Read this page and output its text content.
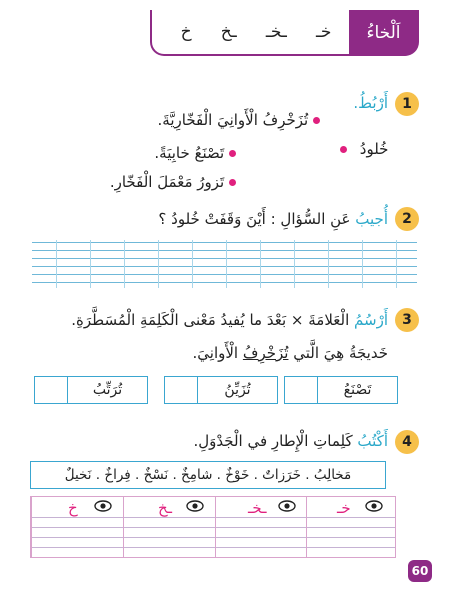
خـ
ـخـ
ـخ
خ	اَلْخاءُ
1
أَرْبُطُ.
تُزَخْرِفُ الْأَوانِيَ الْفَخّارِيَّةَ.
خُلودُ
تَصْنَعُ خابِيَةً.
تَزورُ مَعْمَلَ الْفَخّارِ.
2
أُجيبُ عَنِ السُّؤالِ : أَيْنَ وَقَفَتْ خُلودُ ؟
3
أَرْسُمُ الْعَلامَةَ × بَعْدَ ما يُفيدُ مَعْنى الْكَلِمَةِ الْمُسَطَّرَةِ.
خَديجَةُ هِيَ الَّتي تُزَخْرِفُ الْأَوانِيَ.
تَصْنَعُ
تُزَيِّنُ
تُرَتِّبُ
4
أَكْتُبُ كَلِماتِ الْإِطارِ في الْجَدْوَلِ.
مَخالِبُ . خَرَزاتٌ . خَوْخٌ . شامِخٌ . نَسْخٌ . فِراخٌ . نَخيلٌ
خ	ـخ	ـخـ	خـ
60
